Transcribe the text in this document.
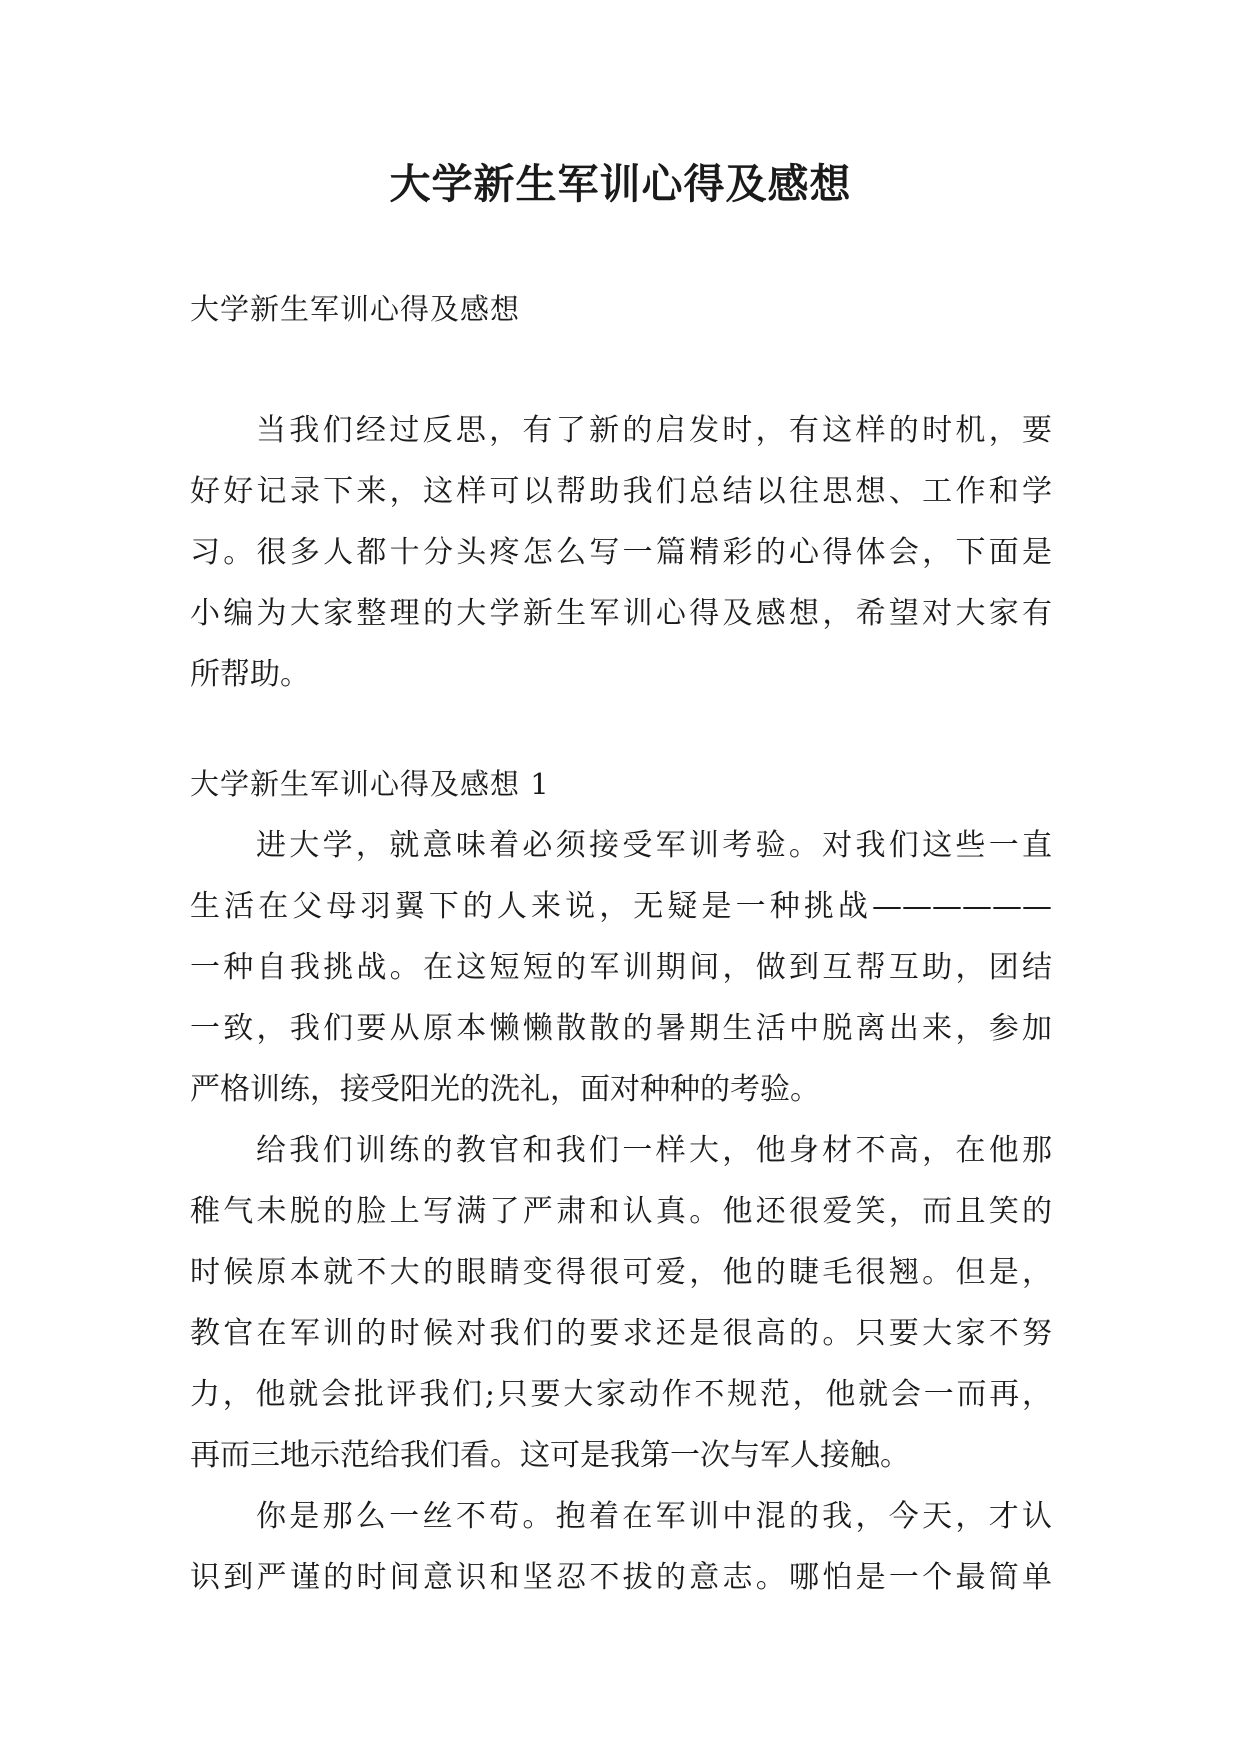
大学新生军训心得及感想
大学新生军训心得及感想
当我们经过反思，有了新的启发时，有这样的时机，要
好好记录下来，这样可以帮助我们总结以往思想、工作和学
习。很多人都十分头疼怎么写一篇精彩的心得体会，下面是
小编为大家整理的大学新生军训心得及感想，希望对大家有
所帮助。
大学新生军训心得及感想 1
进大学，就意味着必须接受军训考验。对我们这些一直
生活在父母羽翼下的人来说，无疑是一种挑战——————
一种自我挑战。在这短短的军训期间，做到互帮互助，团结
一致，我们要从原本懒懒散散的暑期生活中脱离出来，参加
严格训练，接受阳光的洗礼，面对种种的考验。
给我们训练的教官和我们一样大，他身材不高，在他那
稚气未脱的脸上写满了严肃和认真。他还很爱笑，而且笑的
时候原本就不大的眼睛变得很可爱，他的睫毛很翘。但是，
教官在军训的时候对我们的要求还是很高的。只要大家不努
力，他就会批评我们;只要大家动作不规范，他就会一而再，
再而三地示范给我们看。这可是我第一次与军人接触。
你是那么一丝不苟。抱着在军训中混的我，今天，才认
识到严谨的时间意识和坚忍不拔的意志。哪怕是一个最简单
